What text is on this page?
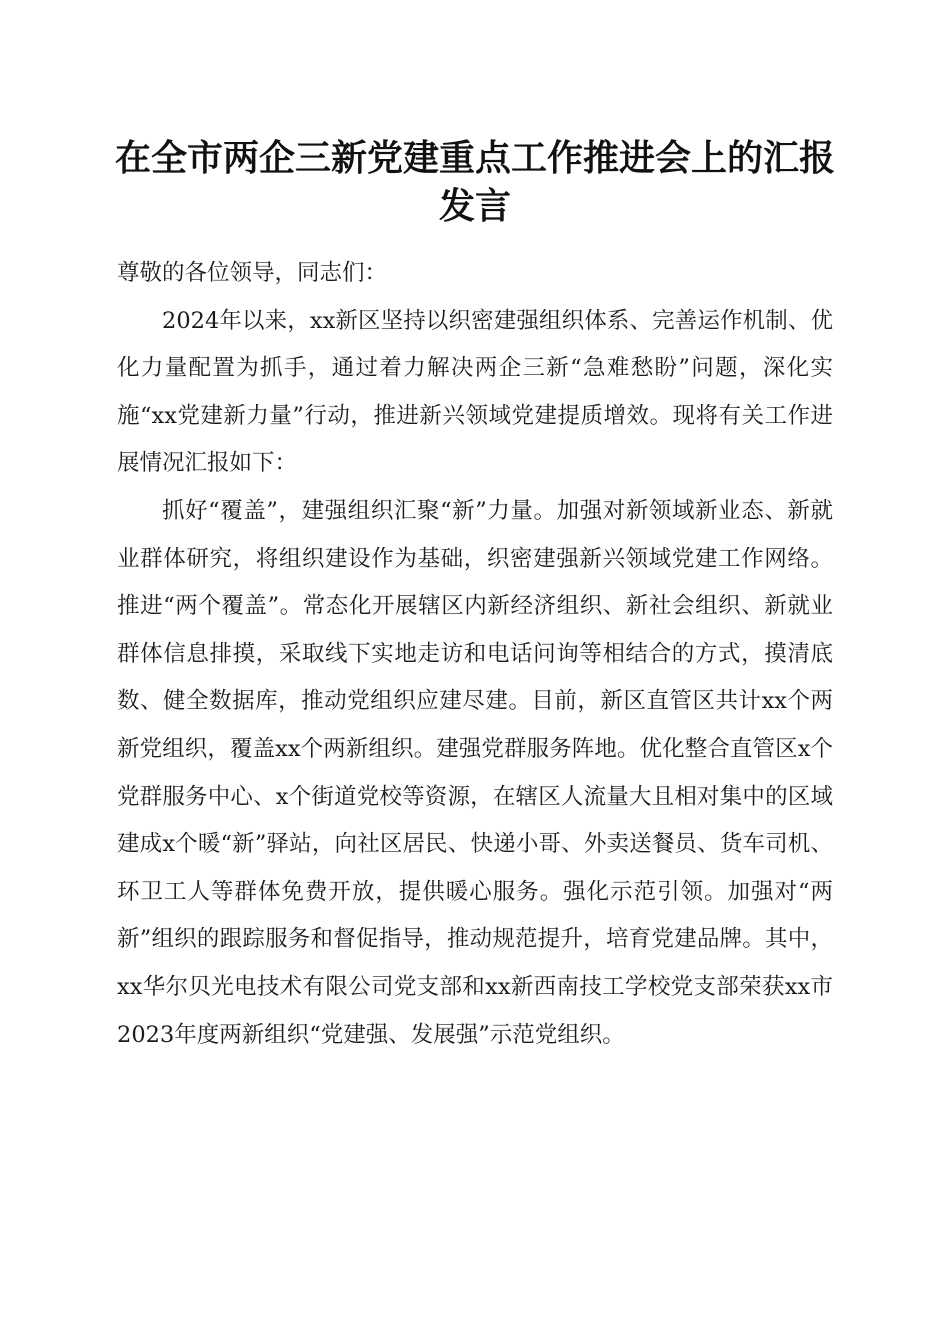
在全市两企三新党建重点工作推进会上的汇报
发言

尊敬的各位领导，同志们：

2024年以来，xx新区坚持以织密建强组织体系、完善运作机制、优化力量配置为抓手，通过着力解决两企三新“急难愁盼”问题，深化实施“xx党建新力量”行动，推进新兴领域党建提质增效。现将有关工作进展情况汇报如下：

抓好“覆盖”，建强组织汇聚“新”力量。加强对新领域新业态、新就业群体研究，将组织建设作为基础，织密建强新兴领域党建工作网络。推进“两个覆盖”。常态化开展辖区内新经济组织、新社会组织、新就业群体信息排摸，采取线下实地走访和电话问询等相结合的方式，摸清底数、健全数据库，推动党组织应建尽建。目前，新区直管区共计xx个两新党组织，覆盖xx个两新组织。建强党群服务阵地。优化整合直管区x个党群服务中心、x个街道党校等资源，在辖区人流量大且相对集中的区域建成x个暖“新”驿站，向社区居民、快递小哥、外卖送餐员、货车司机、环卫工人等群体免费开放，提供暖心服务。强化示范引领。加强对“两新”组织的跟踪服务和督促指导，推动规范提升，培育党建品牌。其中，xx华尔贝光电技术有限公司党支部和xx新西南技工学校党支部荣获xx市2023年度两新组织“党建强、发展强”示范党组织。
